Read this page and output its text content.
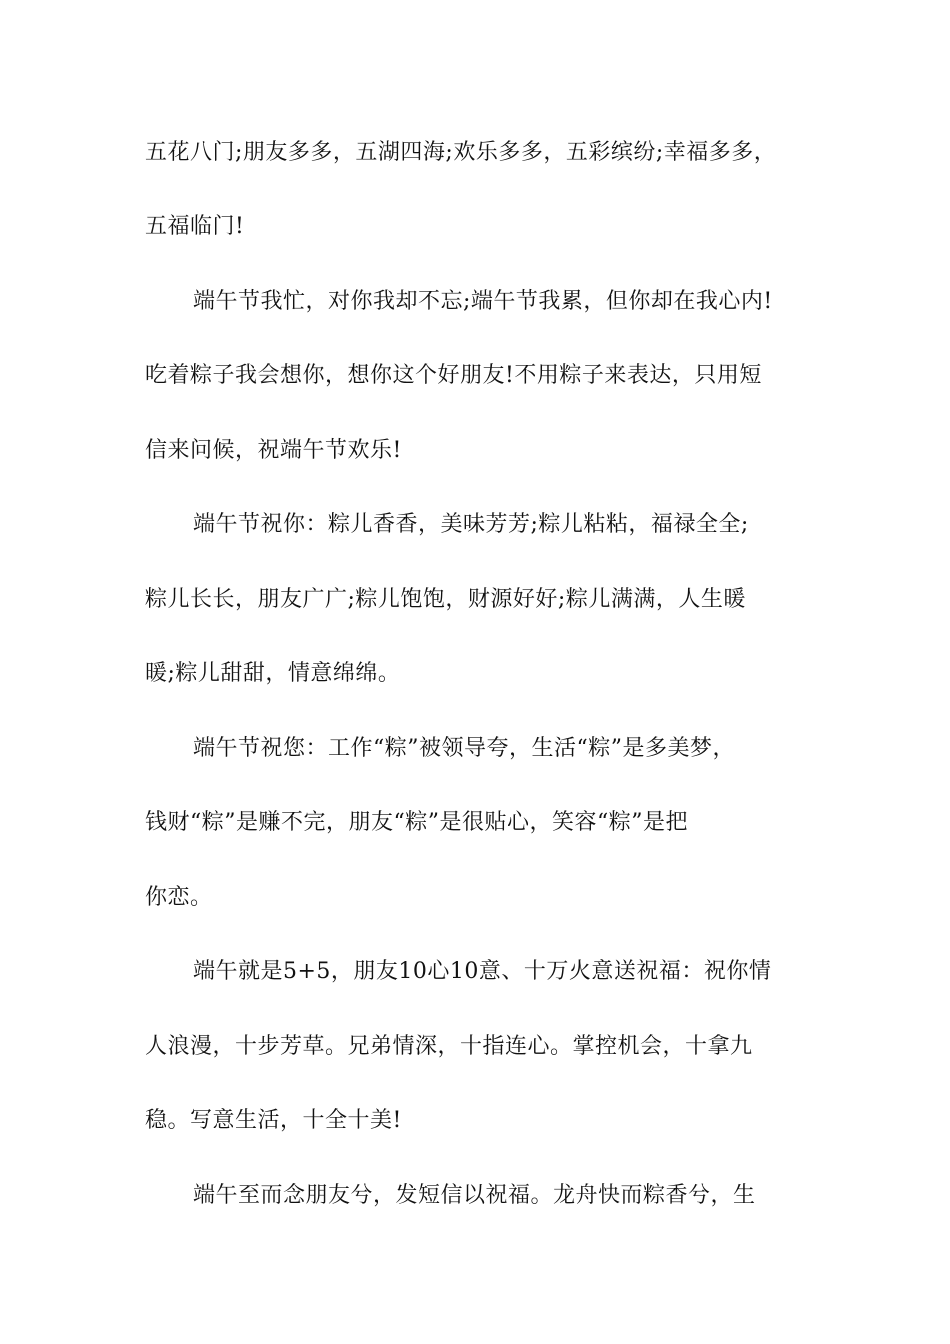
五花八门;朋友多多，五湖四海;欢乐多多，五彩缤纷;幸福多多，
五福临门!
端午节我忙，对你我却不忘;端午节我累，但你却在我心内!
吃着粽子我会想你，想你这个好朋友!不用粽子来表达，只用短
信来问候，祝端午节欢乐!
端午节祝你：粽儿香香，美味芳芳;粽儿粘粘，福禄全全;
粽儿长长，朋友广广;粽儿饱饱，财源好好;粽儿满满，人生暖
暖;粽儿甜甜，情意绵绵。
端午节祝您：工作“粽”被领导夸，生活“粽”是多美梦，
钱财“粽”是赚不完，朋友“粽”是很贴心，笑容“粽”是把
你恋。
端午就是5+5，朋友10心10意、十万火意送祝福：祝你情
人浪漫，十步芳草。兄弟情深，十指连心。掌控机会，十拿九
稳。写意生活，十全十美!
端午至而念朋友兮，发短信以祝福。龙舟快而粽香兮，生
